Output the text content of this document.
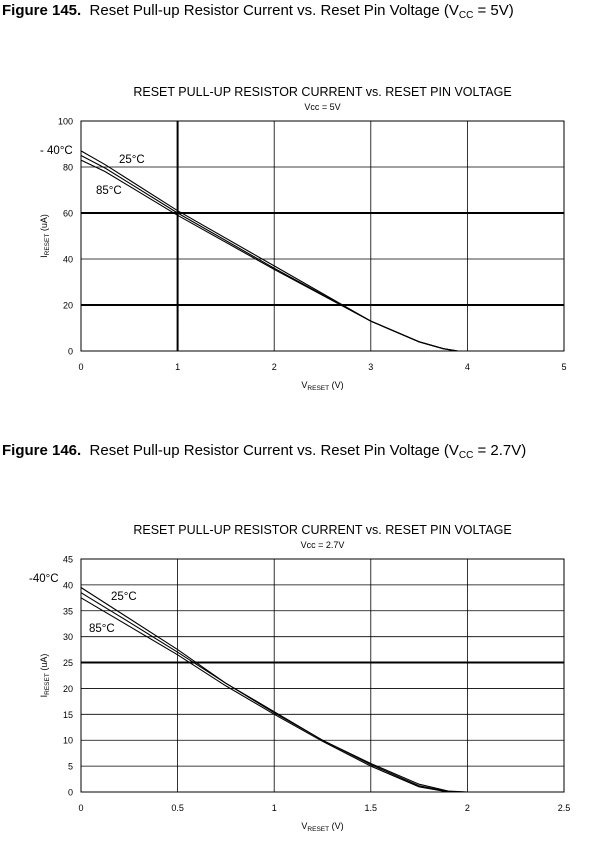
Figure 145. Reset Pull-up Resistor Current vs. Reset Pin Voltage $(V_{CC} = 5V)$
RESET PULL-UP RESISTOR CURRENT vs. RESET PIN VOLTAGE
Vcc = 5V
0	1	2	3	4	5
0
20
40
60
80
100
$V_{RESET}$ (V)
$I_{RESET}$ (uA)
- 40°C
25°C
85°C
Figure 146. Reset Pull-up Resistor Current vs. Reset Pin Voltage $(V_{CC} = 2.7V)$
RESET PULL-UP RESISTOR CURRENT vs. RESET PIN VOLTAGE
Vcc = 2.7V
0	0.5	1	1.5	2	2.5
0
5
10
15
20
25
30
35
40
45
$V_{RESET}$ (V)
$I_{RESET}$ (uA)
-40°C
25°C
85°C
